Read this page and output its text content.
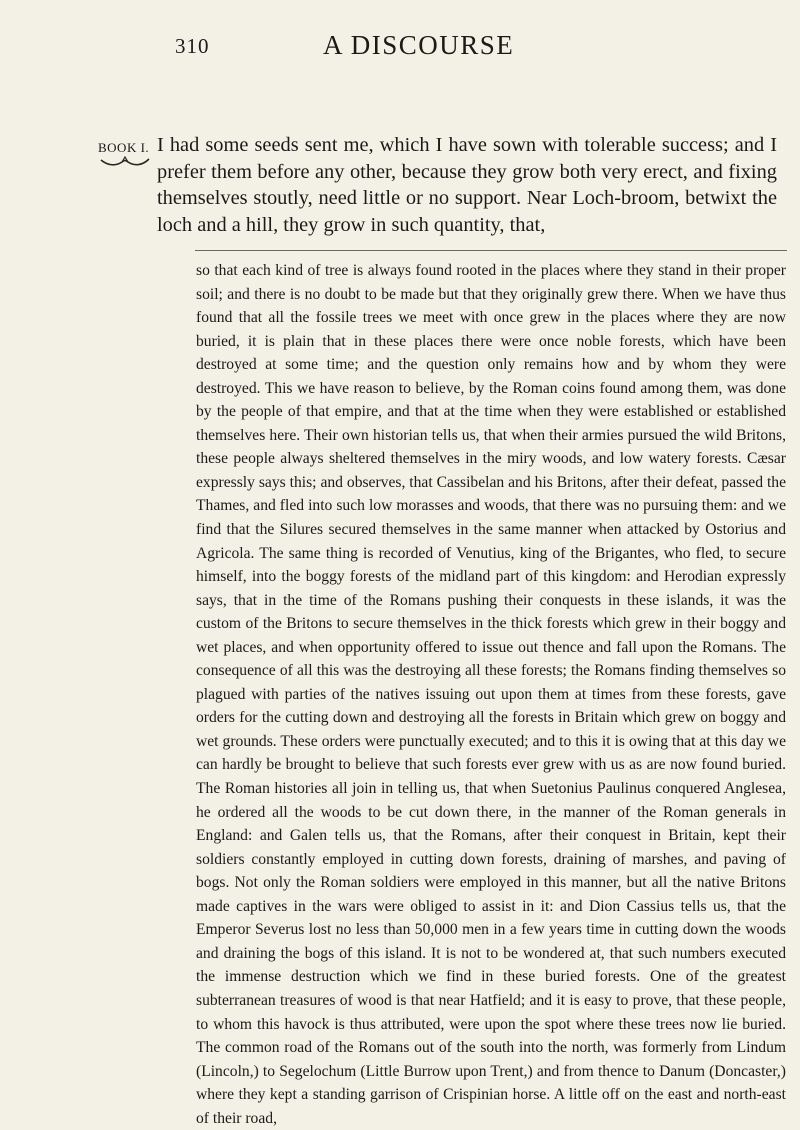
310	A DISCOURSE
BOOK I. I had some seeds sent me, which I have sown with tolerable success; and I prefer them before any other, because they grow both very erect, and fixing themselves stoutly, need little or no support. Near Loch-broom, betwixt the loch and a hill, they grow in such quantity, that,

so that each kind of tree is always found rooted in the places where they stand in their proper soil; and there is no doubt to be made but that they originally grew there. When we have thus found that all the fossile trees we meet with once grew in the places where they are now buried, it is plain that in these places there were once noble forests, which have been destroyed at some time; and the question only remains how and by whom they were destroyed. This we have reason to believe, by the Roman coins found among them, was done by the people of that empire, and that at the time when they were established or established themselves here. Their own historian tells us, that when their armies pursued the wild Britons, these people always sheltered themselves in the miry woods, and low watery forests. Cæsar expressly says this; and observes, that Cassibelan and his Britons, after their defeat, passed the Thames, and fled into such low morasses and woods, that there was no pursuing them: and we find that the Silures secured themselves in the same manner when attacked by Ostorius and Agricola. The same thing is recorded of Venutius, king of the Brigantes, who fled, to secure himself, into the boggy forests of the midland part of this kingdom: and Herodian expressly says, that in the time of the Romans pushing their conquests in these islands, it was the custom of the Britons to secure themselves in the thick forests which grew in their boggy and wet places, and when opportunity offered to issue out thence and fall upon the Romans. The consequence of all this was the destroying all these forests; the Romans finding themselves so plagued with parties of the natives issuing out upon them at times from these forests, gave orders for the cutting down and destroying all the forests in Britain which grew on boggy and wet grounds. These orders were punctually executed; and to this it is owing that at this day we can hardly be brought to believe that such forests ever grew with us as are now found buried. The Roman histories all join in telling us, that when Suetonius Paulinus conquered Anglesea, he ordered all the woods to be cut down there, in the manner of the Roman generals in England: and Galen tells us, that the Romans, after their conquest in Britain, kept their soldiers constantly employed in cutting down forests, draining of marshes, and paving of bogs. Not only the Roman soldiers were employed in this manner, but all the native Britons made captives in the wars were obliged to assist in it: and Dion Cassius tells us, that the Emperor Severus lost no less than 50,000 men in a few years time in cutting down the woods and draining the bogs of this island. It is not to be wondered at, that such numbers executed the immense destruction which we find in these buried forests. One of the greatest subterranean treasures of wood is that near Hatfield; and it is easy to prove, that these people, to whom this havock is thus attributed, were upon the spot where these trees now lie buried. The common road of the Romans out of the south into the north, was formerly from Lindum (Lincoln,) to Segelochum (Little Burrow upon Trent,) and from thence to Danum (Doncaster,) where they kept a standing garrison of Crispinian horse. A little off on the east and north-east of their road,
